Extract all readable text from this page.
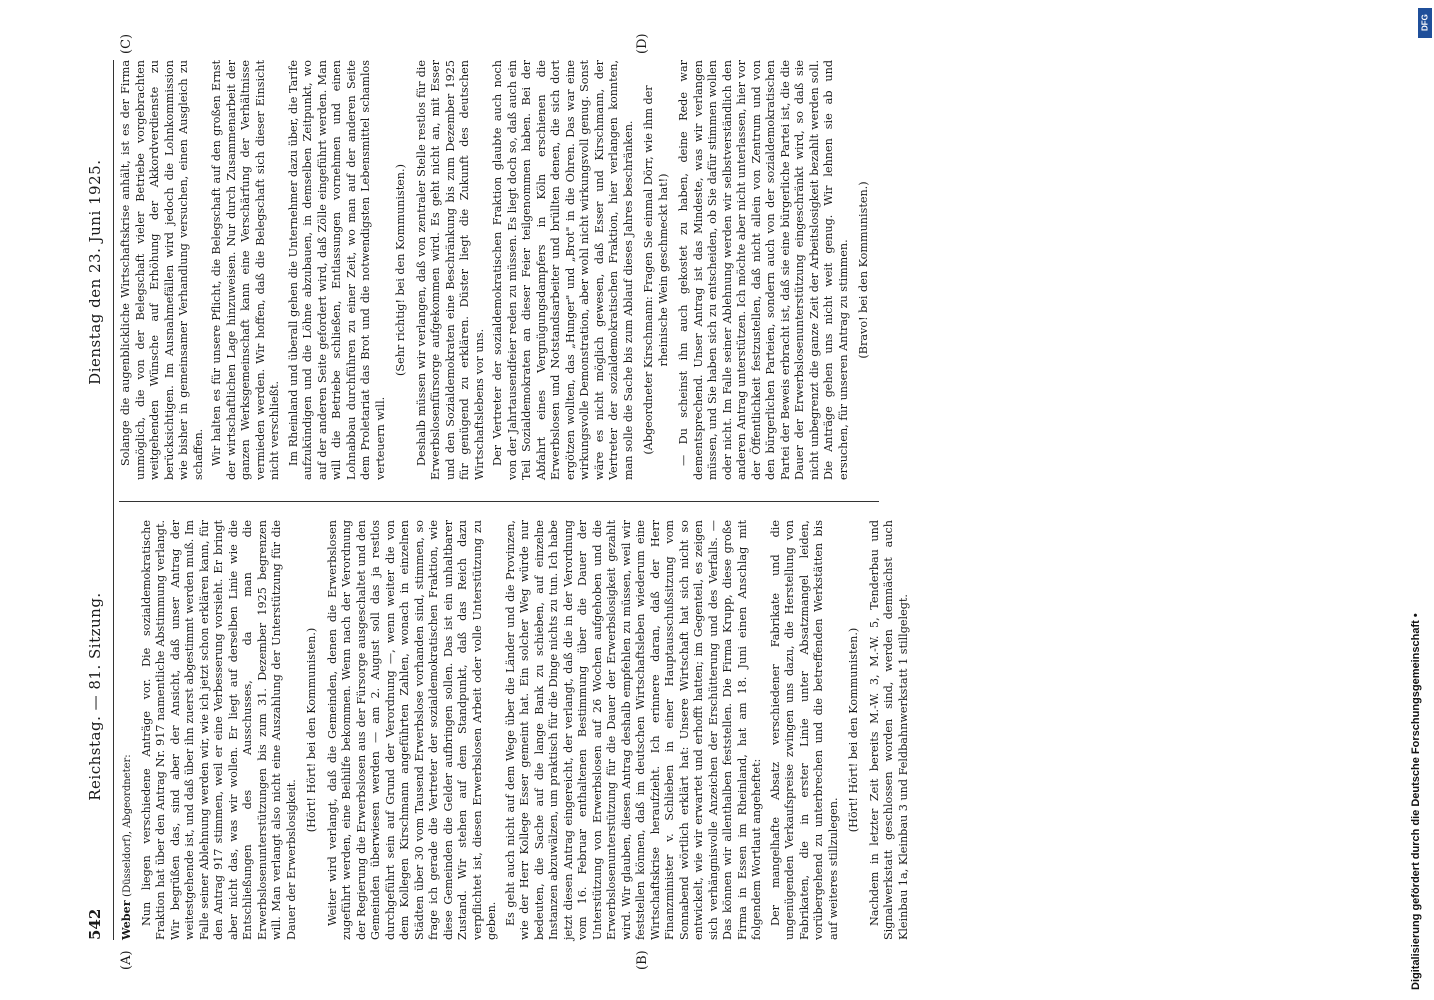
542
Reichstag. — 81. Sitzung.
Dienstag den 23. Juni 1925.

Weber (Düsseldorf), Abgeordneter: Nun liegen verschiedene Anträge vor. Die sozialdemokratische Fraktion hat über den Antrag Nr. 917 namentliche Abstimmung verlangt. Wir begrüßen das, sind aber der Ansicht, daß unser Antrag der weitestgehende ist, und daß über ihn zuerst abgestimmt werden muß. Im Falle seiner Ablehnung werden wir, wie ich jetzt schon erklären kann, für den Antrag 917 stimmen, weil er eine Verbesserung vorsieht. Er bringt aber nicht das, was wir wollen. Er liegt auf derselben Linie wie die Entschließungen des Ausschusses, da man die Erwerbslosenunterstützungen bis zum 31. Dezember 1925 begrenzen will. Man verlangt also nicht eine Auszahlung der Unterstützung für die Dauer der Erwerbslosigkeit.

(Hört! Hört! bei den Kommunisten.) Weiter wird verlangt, daß die Gemeinden, denen die Erwerbslosen zugeführt werden, eine Beihilfe bekommen. Wenn nach der Verordnung der Regierung die Erwerbslosen aus der Fürsorge ausgeschaltet und den Gemeinden überwiesen werden — am 2. August soll das ja restlos durchgeführt sein auf Grund der Verordnung —, wenn weiter die von dem Kollegen Kirschmann angeführten Zahlen, wonach in einzelnen Städten über 30 vom Tausend Erwerbslose vorhanden sind, stimmen, so frage ich gerade die Vertreter der sozialdemokratischen Fraktion, wie diese Gemeinden die Gelder aufbringen sollen. Das ist ein unhaltbarer Zustand. Wir stehen auf dem Standpunkt, daß das Reich dazu verpflichtet ist, diesen Erwerbslosen Arbeit oder volle Unterstützung zu geben. Es geht auch nicht auf dem Wege über die Länder und die Provinzen, wie der Herr Kollege Esser gemeint hat. Ein solcher Weg würde nur bedeuten, die Sache auf die lange Bank zu schieben, auf einzelne Instanzen abzuwälzen, um praktisch für die Dinge nichts zu tun. Ich habe jetzt diesen Antrag eingereicht, der verlangt, daß die in der Verordnung vom 16. Februar enthaltenen Bestimmung über die Dauer der Unterstützung von Erwerbslosen auf 26 Wochen aufgehoben und die Erwerbslosenunterstützung für die Dauer der Erwerbslosigkeit gezahlt wird. Wir glauben, diesen Antrag deshalb empfehlen zu müssen, weil wir feststellen können, daß im deutschen Wirtschaftsleben wiederum eine Wirtschaftskrise heraufzieht. Ich erinnere daran, daß der Herr Finanzminister v. Schlieben in einer Hauptausschußsitzung vom Sonnabend wörtlich erklärt hat: Unsere Wirtschaft hat sich nicht so entwickelt, wie wir erwartet und erhofft hatten; im Gegenteil, es zeigen sich verhängnisvolle Anzeichen der Erschütterung und des Verfalls. — Das können wir allenthalben feststellen. Die Firma Krupp, diese große Firma in Essen im Rheinland, hat am 18. Juni einen Anschlag mit folgendem Wortlaut angeheftet: Der mangelhafte Absatz verschiedener Fabrikate und die ungenügenden Verkaufspreise zwingen uns dazu, die Herstellung von Fabrikaten, die in erster Linie unter Absatzmangel leiden, vorübergehend zu unterbrechen und die betreffenden Werkstätten bis auf weiteres stillzulegen.

(Hört! Hört! bei den Kommunisten.) Nachdem in letzter Zeit bereits M.-W. 3, M.-W. 5, Tenderbau und Signalwerkstatt geschlossen worden sind, werden demnächst auch Kleinbau 1a, Kleinbau 3 und Feldbahnwerkstatt 1 stillgelegt.

Solange die augenblickliche Wirtschaftskrise anhält, ist es der Firma unmöglich, die von der Belegschaft vieler Betriebe vorgebrachten weitgehenden Wünsche auf Erhöhung der Akkordverdienste zu berücksichtigen. Im Ausnahmefällen wird jedoch die Lohnkommission wie bisher in gemeinsamer Verhandlung versuchen, einen Ausgleich zu schaffen. Wir halten es für unsere Pflicht, die Belegschaft auf den großen Ernst der wirtschaftlichen Lage hinzuweisen. Nur durch Zusammenarbeit der ganzen Werksgemeinschaft kann eine Verschärfung der Verhältnisse vermieden werden. Wir hoffen, daß die Belegschaft sich dieser Einsicht nicht verschließt. Im Rheinland und überall gehen die Unternehmer dazu über, die Tarife aufzukündigen und die Löhne abzubauen, in demselben Zeitpunkt, wo auf der anderen Seite gefordert wird, daß Zölle eingeführt werden. Man will die Betriebe schließen, Entlassungen vornehmen und einen Lohnabbau durchführen zu einer Zeit, wo man auf der anderen Seite dem Proletariat das Brot und die notwendigsten Lebensmittel schamlos verteuern will.

(Sehr richtig! bei den Kommunisten.) Deshalb müssen wir verlangen, daß von zentraler Stelle restlos für die Erwerbslosenfürsorge aufgekommen wird. Es geht nicht an, mit Esser und den Sozialdemokraten eine Beschränkung bis zum Dezember 1925 für genügend zu erklären. Düster liegt die Zukunft des deutschen Wirtschaftslebens vor uns. Der Vertreter der sozialdemokratischen Fraktion glaubte auch noch von der Jahrtausendfeier reden zu müssen. Es liegt doch so, daß auch ein Teil Sozialdemokraten an dieser Feier teilgenommen haben. Bei der Abfahrt eines Vergnügungsdampfers in Köln erschienen die Erwerbslosen und Notstandsarbeiter und brüllten denen, die sich dort ergötzen wollten, das „Hunger" und „Brot" in die Ohren. Das war eine wirkungsvolle Demonstration, aber wohl nicht wirkungsvoll genug. Sonst wäre es nicht möglich gewesen, daß Esser und Kirschmann, der Vertreter der sozialdemokratischen Fraktion, hier verlangen konnten, man solle die Sache bis zum Ablauf dieses Jahres beschränken. (Abgeordneter Kirschmann: Fragen Sie einmal Dörr, wie ihm der rheinische Wein geschmeckt hat!) — Du scheinst ihn auch gekostet zu haben, deine Rede war dementsprechend. Unser Antrag ist das Mindeste, was wir verlangen müssen, und Sie haben sich zu entscheiden, ob Sie dafür stimmen wollen oder nicht. Im Falle seiner Ablehnung werden wir selbstverständlich den anderen Antrag unterstützen. Ich möchte aber nicht unterlassen, hier vor der Öffentlichkeit festzustellen, daß nicht allein von Zentrum und von den bürgerlichen Parteien, sondern auch von der sozialdemokratischen Partei der Beweis erbracht ist, daß sie eine bürgerliche Partei ist, die die Dauer der Erwerbslosenunterstützung eingeschränkt wird, so daß sie nicht unbegrenzt die ganze Zeit der Arbeitslosigkeit bezahlt werden soll. Die Anträge gehen uns nicht weit genug. Wir lehnen sie ab und ersuchen, für unseren Antrag zu stimmen. (Bravo! bei den Kommunisten.)

(A)	(B)
(C)	(D)
Digitalisierung gefördert durch die Deutsche Forschungsgemeinschaft •
DFG
